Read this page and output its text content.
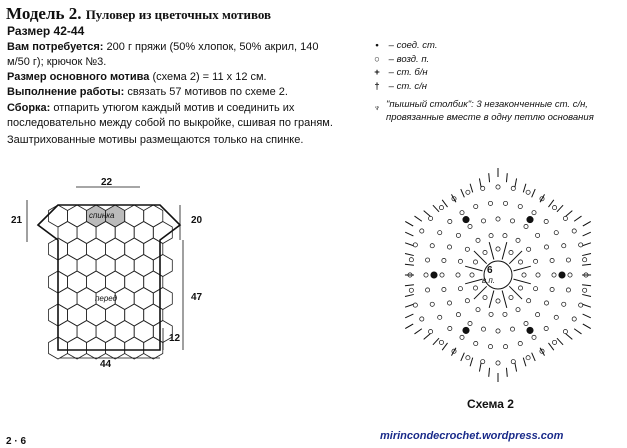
Модель 2. Пуловер из цветочных мотивов
Размер 42-44
Вам потребуется: 200 г пряжи (50% хлопок, 50% акрил, 140 м/50 г); крючок №3.
Размер основного мотива (схема 2) = 11 х 12 см.
Выполнение работы: связать 57 мотивов по схеме 2.
Сборка: отпарить утюгом каждый мотив и соединить их последовательно между собой по выкройке, сшивая по граням.
Заштрихованные мотивы размещаются только на спинке.
• – соед. ст.
○ – возд. п.
+ – ст. б/н
† – ст. с/н
♆ "пышный столбик": 3 незаконченные ст. с/н, провязанные вместе в одну петлю основания
22
21	20
47
12
44
спинка
перед
6
в.п.
Схема 2
mirincondecrochet.wordpress.com
2 · 6
